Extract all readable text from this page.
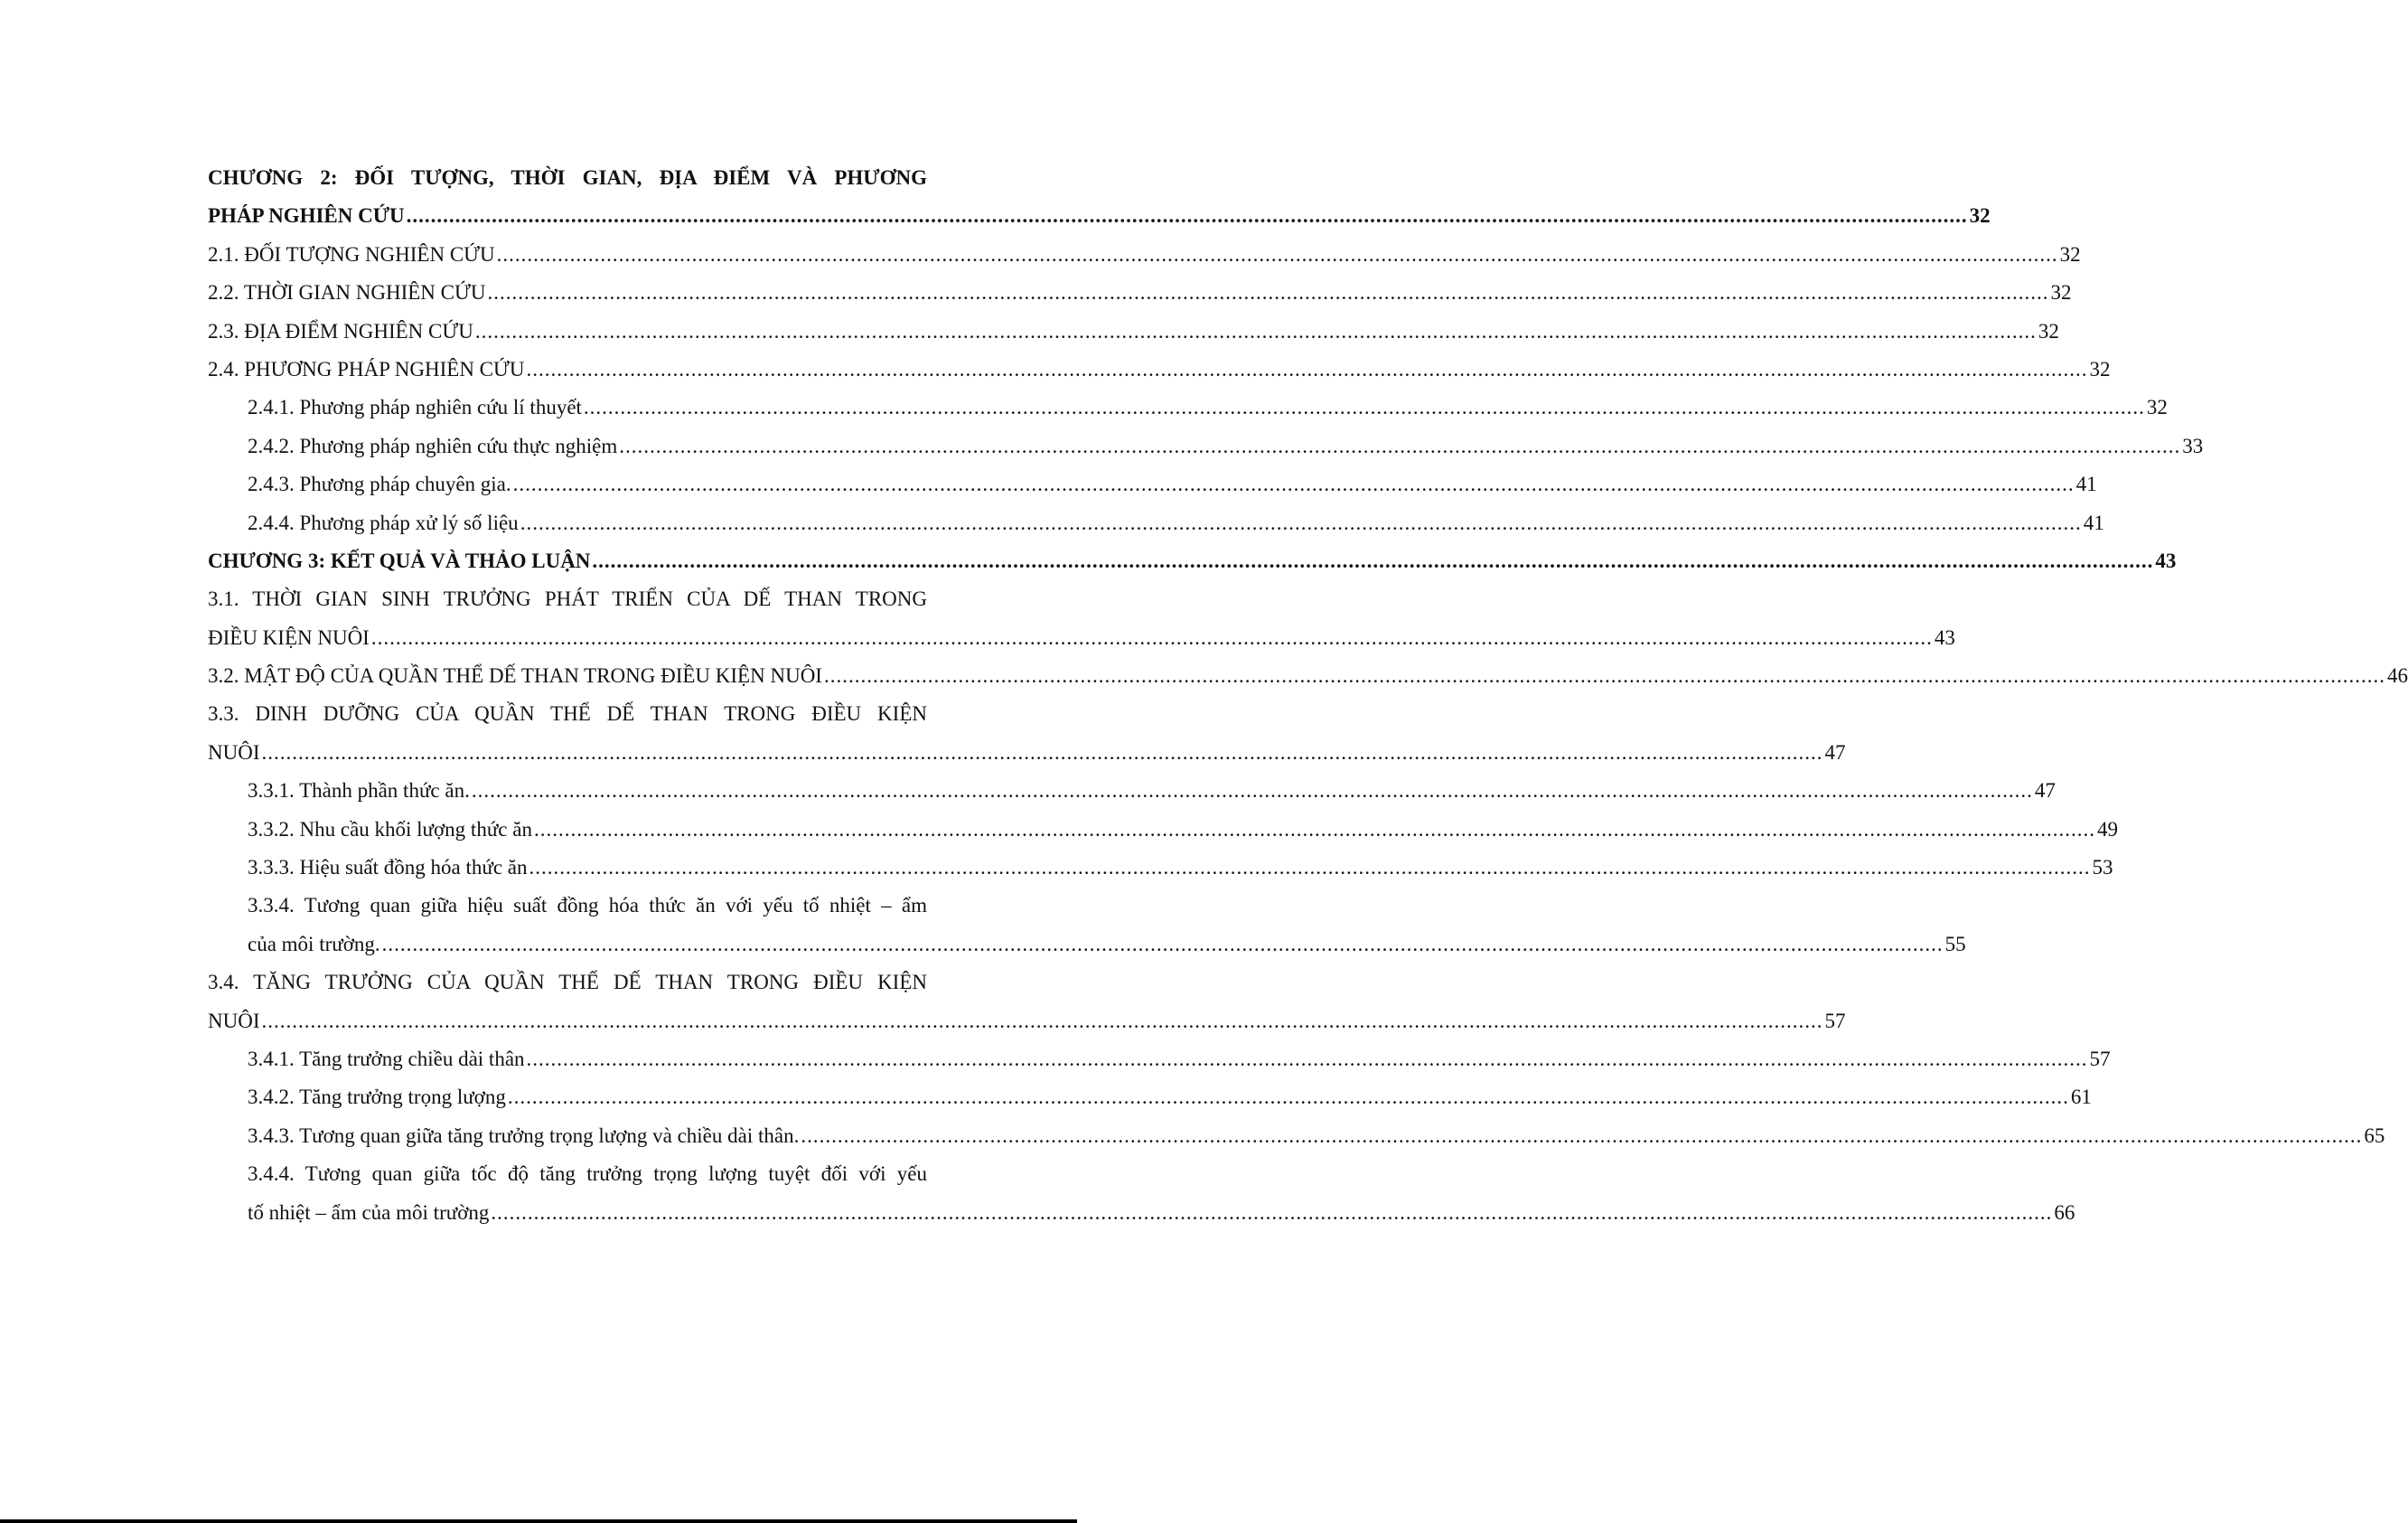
CHƯƠNG 2: ĐỐI TƯỢNG, THỜI GIAN, ĐỊA ĐIỂM VÀ PHƯƠNG
PHÁP NGHIÊN CỨU .....	32
2.1. ĐỐI TƯỢNG NGHIÊN CỨU .....	32
2.2. THỜI GIAN NGHIÊN CỨU .....	32
2.3. ĐỊA ĐIỂM NGHIÊN CỨU .....	32
2.4. PHƯƠNG PHÁP NGHIÊN CỨU .....	32
2.4.1. Phương pháp nghiên cứu lí thuyết .....	32
2.4.2. Phương pháp nghiên cứu thực nghiệm .....	33
2.4.3. Phương pháp chuyên gia. .....	41
2.4.4. Phương pháp xử lý số liệu .....	41
CHƯƠNG 3: KẾT QUẢ VÀ THẢO LUẬN .....	43
3.1. THỜI GIAN SINH TRƯỞNG PHÁT TRIỂN CỦA DẾ THAN TRONG
ĐIỀU KIỆN NUÔI .....	43
3.2. MẬT ĐỘ CỦA QUẦN THỂ DẾ THAN TRONG ĐIỀU KIỆN NUÔI .....	46
3.3. DINH DƯỠNG CỦA QUẦN THỂ DẾ THAN TRONG ĐIỀU KIỆN
NUÔI .....	47
3.3.1. Thành phần thức ăn. .....	47
3.3.2. Nhu cầu khối lượng thức ăn .....	49
3.3.3. Hiệu suất đồng hóa thức ăn .....	53
3.3.4. Tương quan giữa hiệu suất đồng hóa thức ăn với yếu tố nhiệt – ẩm
của môi trường. .....	55
3.4. TĂNG TRƯỞNG CỦA QUẦN THỂ DẾ THAN TRONG ĐIỀU KIỆN
NUÔI .....	57
3.4.1. Tăng trưởng chiều dài thân .....	57
3.4.2. Tăng trưởng trọng lượng .....	61
3.4.3. Tương quan giữa tăng trưởng trọng lượng và chiều dài thân. .....	65
3.4.4. Tương quan giữa tốc độ tăng trưởng trọng lượng tuyệt đối với yếu
tố nhiệt – ẩm của môi trường .....	66
